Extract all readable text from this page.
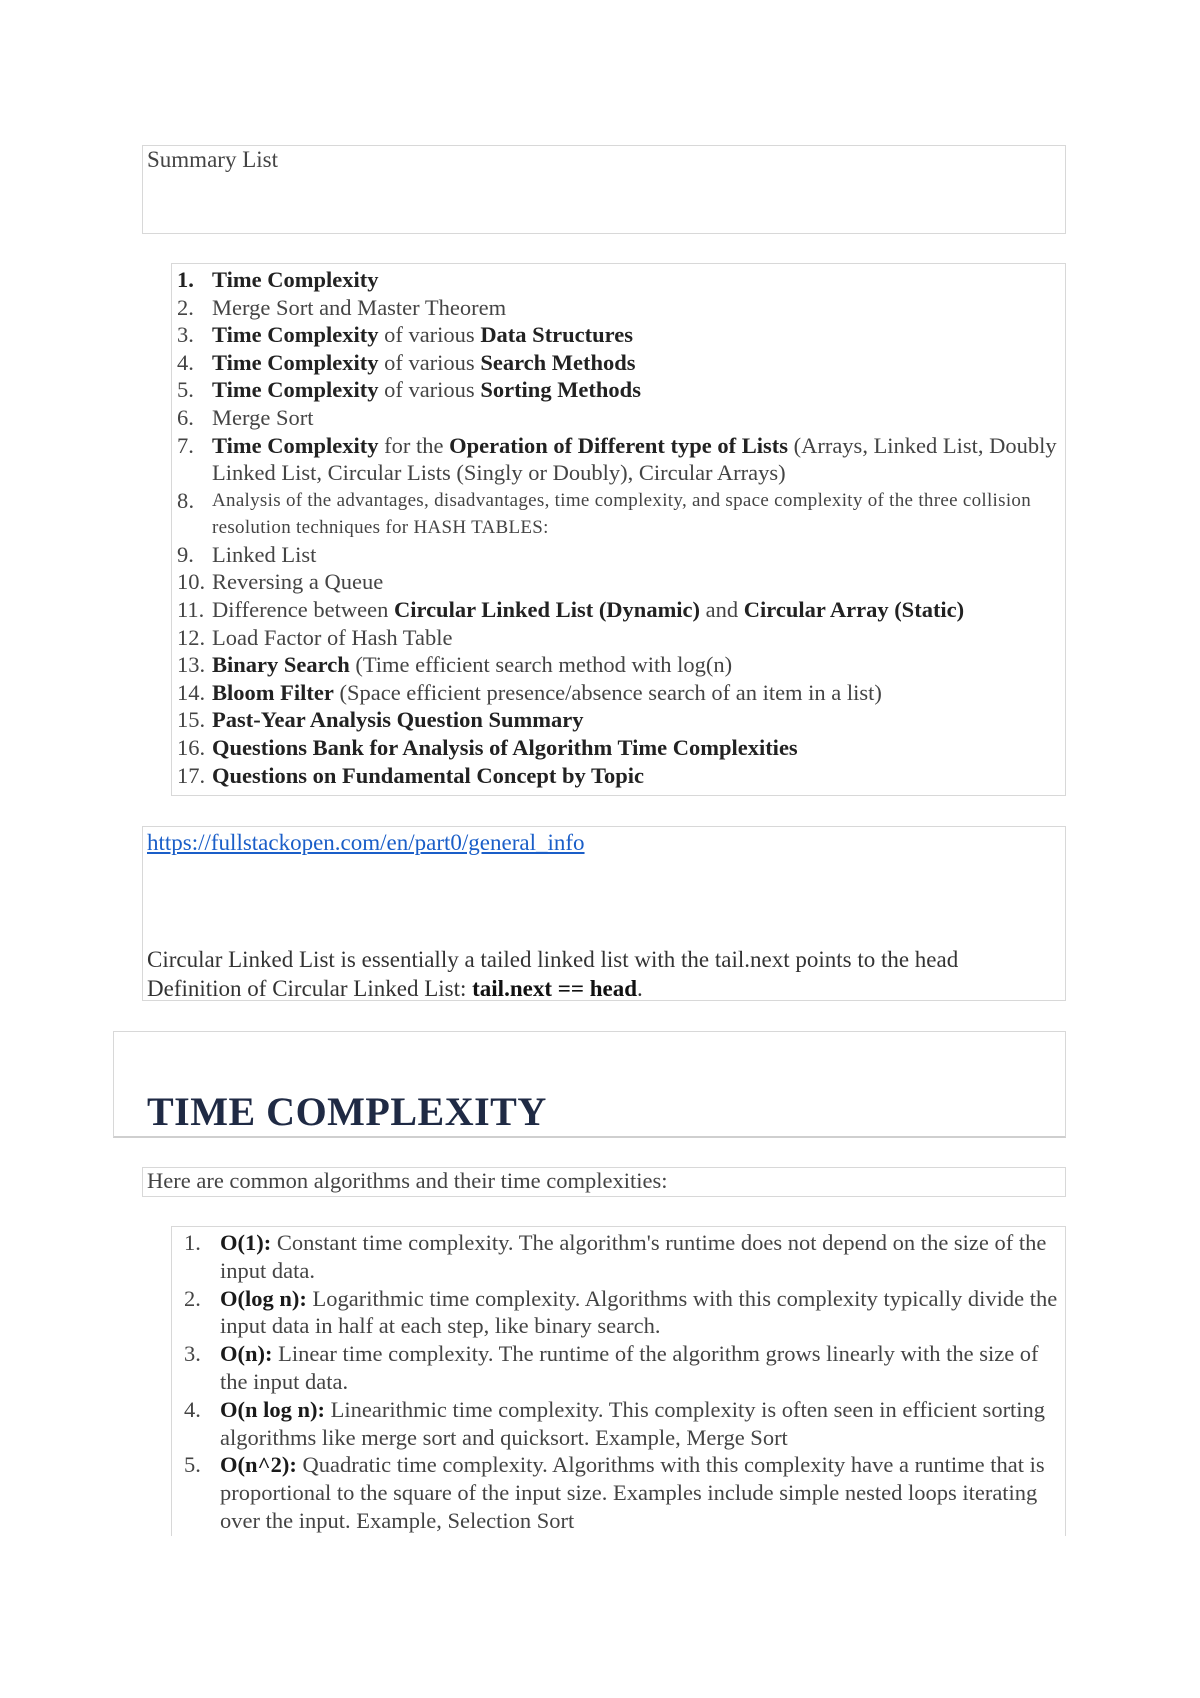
Summary List
1. Time Complexity
2. Merge Sort and Master Theorem
3. Time Complexity of various Data Structures
4. Time Complexity of various Search Methods
5. Time Complexity of various Sorting Methods
6. Merge Sort
7. Time Complexity for the Operation of Different type of Lists (Arrays, Linked List, Doubly Linked List, Circular Lists (Singly or Doubly), Circular Arrays)
8. Analysis of the advantages, disadvantages, time complexity, and space complexity of the three collision resolution techniques for HASH TABLES:
9. Linked List
10. Reversing a Queue
11. Difference between Circular Linked List (Dynamic) and Circular Array (Static)
12. Load Factor of Hash Table
13. Binary Search (Time efficient search method with log(n)
14. Bloom Filter (Space efficient presence/absence search of an item in a list)
15. Past-Year Analysis Question Summary
16. Questions Bank for Analysis of Algorithm Time Complexities
17. Questions on Fundamental Concept by Topic
https://fullstackopen.com/en/part0/general_info
Circular Linked List is essentially a tailed linked list with the tail.next points to the head
Definition of Circular Linked List: tail.next == head.
TIME COMPLEXITY
Here are common algorithms and their time complexities:
1. O(1): Constant time complexity. The algorithm's runtime does not depend on the size of the input data.
2. O(log n): Logarithmic time complexity. Algorithms with this complexity typically divide the input data in half at each step, like binary search.
3. O(n): Linear time complexity. The runtime of the algorithm grows linearly with the size of the input data.
4. O(n log n): Linearithmic time complexity. This complexity is often seen in efficient sorting algorithms like merge sort and quicksort. Example, Merge Sort
5. O(n^2): Quadratic time complexity. Algorithms with this complexity have a runtime that is proportional to the square of the input size. Examples include simple nested loops iterating over the input. Example, Selection Sort
